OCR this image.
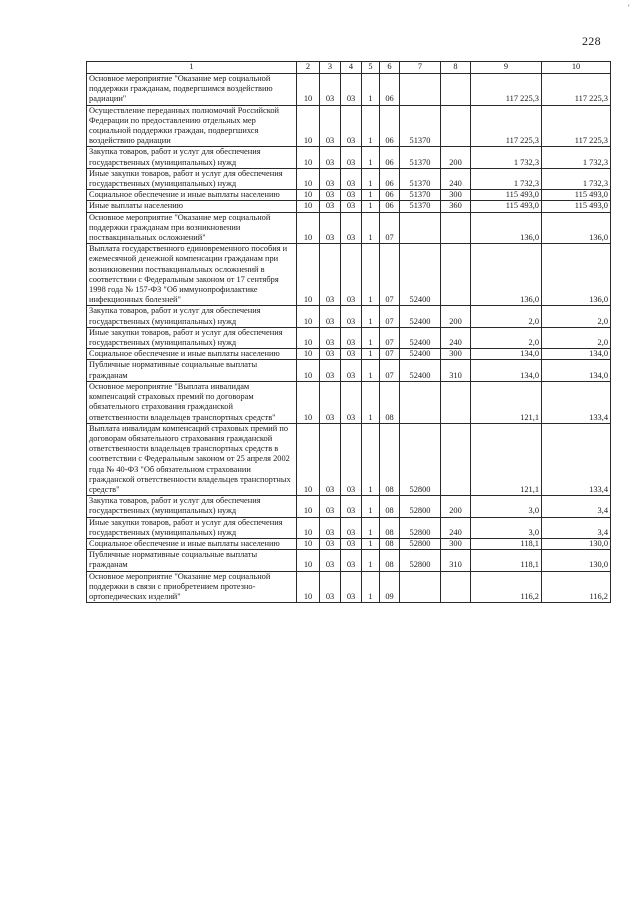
'
228
1	2	3	4	5	6	7	8	9	10
Основное мероприятие "Оказание мер социальной поддержки гражданам, подвергшимся воздействию радиации"	10	03	03	1	06			117 225,3	117 225,3
Осуществление переданных полномочий Российской Федерации по предоставлению отдельных мер социальной поддержки граждан, подвергшихся воздействию радиации	10	03	03	1	06	51370		117 225,3	117 225,3
Закупка товаров, работ и услуг для обеспечения государственных (муниципальных) нужд	10	03	03	1	06	51370	200	1 732,3	1 732,3
Иные закупки товаров, работ и услуг для обеспечения государственных (муниципальных) нужд	10	03	03	1	06	51370	240	1 732,3	1 732,3
Социальное обеспечение и иные выплаты населению	10	03	03	1	06	51370	300	115 493,0	115 493,0
Иные выплаты населению	10	03	03	1	06	51370	360	115 493,0	115 493,0
Основное мероприятие "Оказание мер социальной поддержки гражданам при возникновении поствакцинальных осложнений"	10	03	03	1	07			136,0	136,0
Выплата государственного единовременного пособия и ежемесячной денежной компенсации гражданам при возникновении поствакцинальных осложнений в соответствии с Федеральным законом от 17 сентября 1998 года № 157-ФЗ "Об иммунопрофилактике инфекционных болезней"	10	03	03	1	07	52400		136,0	136,0
Закупка товаров, работ и услуг для обеспечения государственных (муниципальных) нужд	10	03	03	1	07	52400	200	2,0	2,0
Иные закупки товаров, работ и услуг для обеспечения государственных (муниципальных) нужд	10	03	03	1	07	52400	240	2,0	2,0
Социальное обеспечение и иные выплаты населению	10	03	03	1	07	52400	300	134,0	134,0
Публичные нормативные социальные выплаты гражданам	10	03	03	1	07	52400	310	134,0	134,0
Основное мероприятие "Выплата инвалидам компенсаций страховых премий по договорам обязательного страхования гражданской ответственности владельцев транспортных средств"	10	03	03	1	08			121,1	133,4
Выплата инвалидам компенсаций страховых премий по договорам обязательного страхования гражданской ответственности владельцев транспортных средств в соответствии с Федеральным законом от 25 апреля 2002 года № 40-ФЗ "Об обязательном страховании гражданской ответственности владельцев транспортных средств"	10	03	03	1	08	52800		121,1	133,4
Закупка товаров, работ и услуг для обеспечения государственных (муниципальных) нужд	10	03	03	1	08	52800	200	3,0	3,4
Иные закупки товаров, работ и услуг для обеспечения государственных (муниципальных) нужд	10	03	03	1	08	52800	240	3,0	3,4
Социальное обеспечение и иные выплаты населению	10	03	03	1	08	52800	300	118,1	130,0
Публичные нормативные социальные выплаты гражданам	10	03	03	1	08	52800	310	118,1	130,0
Основное мероприятие "Оказание мер социальной поддержки в связи с приобретением протезно-ортопедических изделий"	10	03	03	1	09			116,2	116,2
